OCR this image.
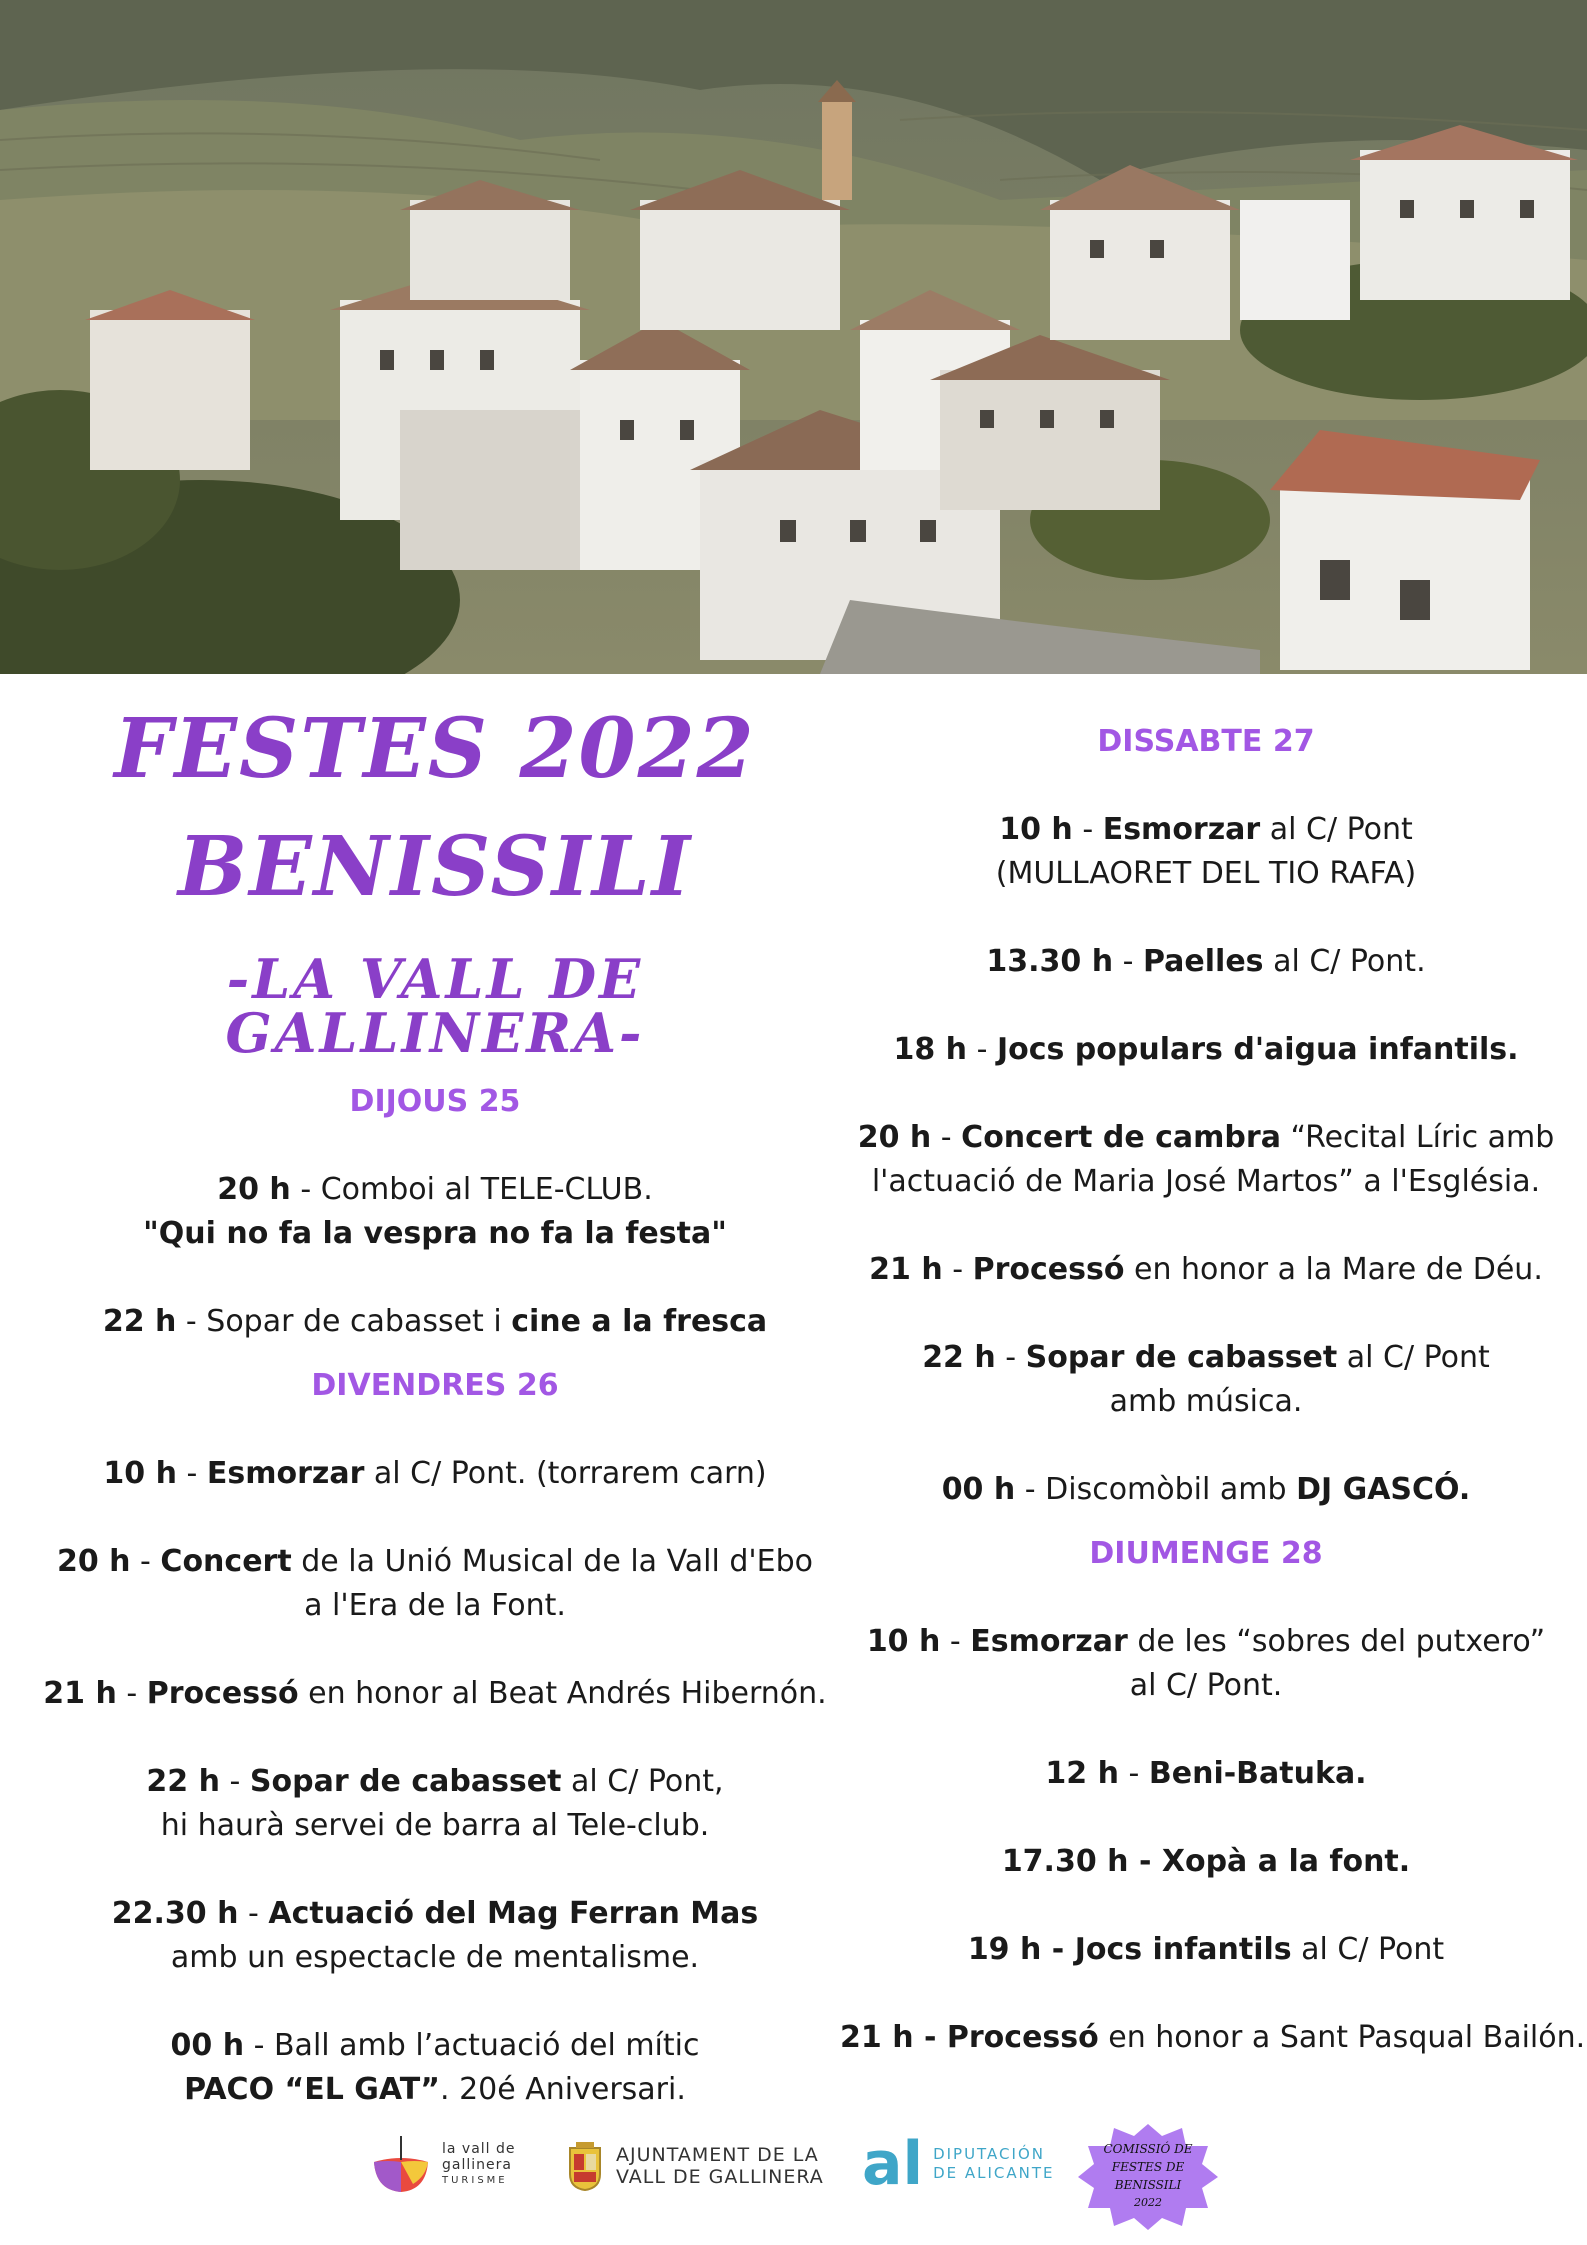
FESTES 2022
BENISSILI
-LA VALL DE GALLINERA-
DIJOUS 25
20 h - Comboi al TELE-CLUB.
"Qui no fa la vespra no fa la festa"
22 h - Sopar de cabasset i cine a la fresca
DIVENDRES 26
10 h - Esmorzar al C/ Pont. (torrarem carn)
20 h - Concert de la Unió Musical de la Vall d'Ebo
a l'Era de la Font.
21 h - Processó en honor al Beat Andrés Hibernón.
22 h - Sopar de cabasset al C/ Pont,
hi haurà servei de barra al Tele-club.
22.30 h - Actuació del Mag Ferran Mas
amb un espectacle de mentalisme.
00 h - Ball amb l’actuació del mític
PACO “EL GAT”. 20é Aniversari.
DISSABTE 27
10 h - Esmorzar al C/ Pont
(MULLAORET DEL TIO RAFA)
13.30 h - Paelles al C/ Pont.
18 h - Jocs populars d'aigua infantils.
20 h - Concert de cambra “Recital Líric amb
l'actuació de Maria José Martos” a l'Església.
21 h - Processó en honor a la Mare de Déu.
22 h - Sopar de cabasset al C/ Pont
amb música.
00 h - Discomòbil amb DJ GASCÓ.
DIUMENGE 28
10 h - Esmorzar de les “sobres del putxero”
al C/ Pont.
12 h - Beni-Batuka.
17.30 h - Xopà a la font.
19 h - Jocs infantils al C/ Pont
21 h - Processó en honor a Sant Pasqual Bailón.
la vall de
gallinera
TURISME
AJUNTAMENT DE LA
VALL DE GALLINERA al DIPUTACIÓN
DE ALICANTE
COMISSIÓ DE
FESTES DE
BENISSILI
2022
